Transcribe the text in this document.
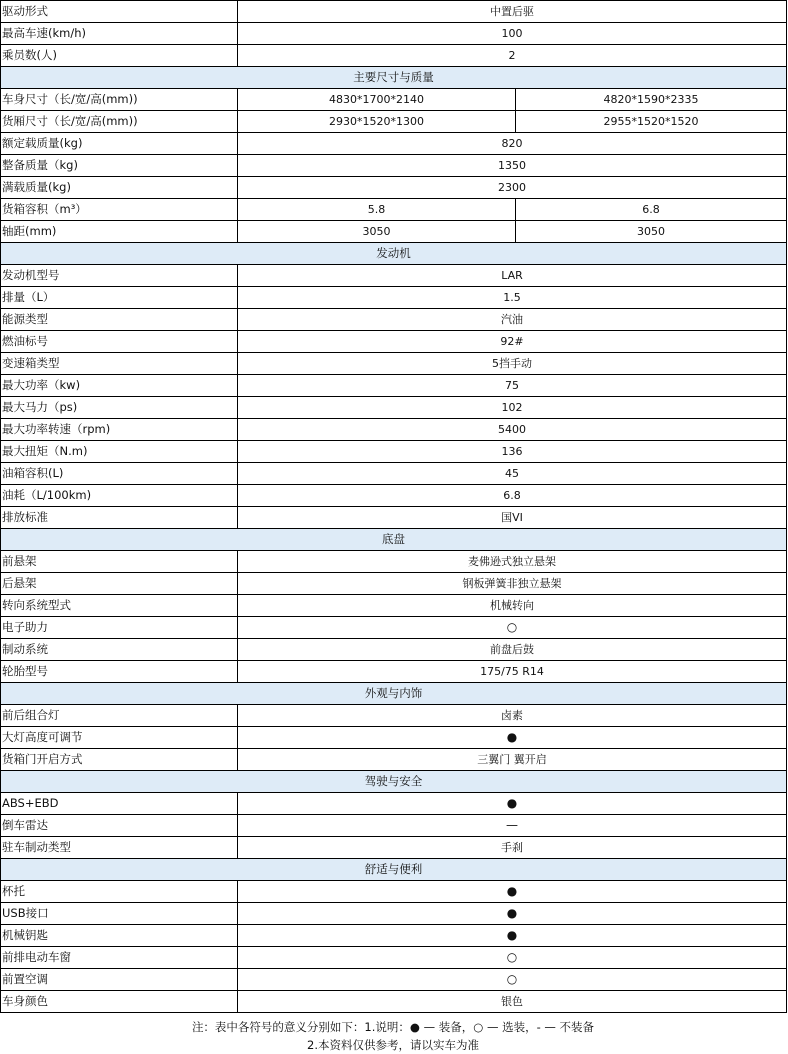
驱动形式	中置后驱	
最高车速(km/h)	100	
乘员数(人)	2	
主要尺寸与质量		
车身尺寸（长/宽/高(mm))	4830*1700*2140	4820*1590*2335
货厢尺寸（长/宽/高(mm))	2930*1520*1300	2955*1520*1520
额定载质量(kg)	820	
整备质量（kg)	1350	
满载质量(kg)	2300	
货箱容积（m³）	5.8	6.8
轴距(mm)	3050	3050
发动机		
发动机型号	LAR	
排量（L）	1.5	
能源类型	汽油	
燃油标号	92#	
变速箱类型	5挡手动	
最大功率（kw)	75	
最大马力（ps)	102	
最大功率转速（rpm)	5400	
最大扭矩（N.m)	136	
油箱容积(L)	45	
油耗（L/100km)	6.8	
排放标准	国VI	
底盘		
前悬架	麦佛逊式独立悬架	
后悬架	钢板弹簧非独立悬架	
转向系统型式	机械转向	
电子助力	○	
制动系统	前盘后鼓	
轮胎型号	175/75 R14	
外观与内饰		
前后组合灯	卤素	
大灯高度可调节	●	
货箱门开启方式	三翼门 翼开启	
驾驶与安全		
ABS+EBD	●	
倒车雷达	—	
驻车制动类型	手刹	
舒适与便利		
杯托	●	
USB接口	●	
机械钥匙	●	
前排电动车窗	○	
前置空调	○	
车身颜色	银色	
注：表中各符号的意义分别如下：1.说明：● — 装备，○ — 选装，- — 不装备
2.本资料仅供参考，请以实车为准
